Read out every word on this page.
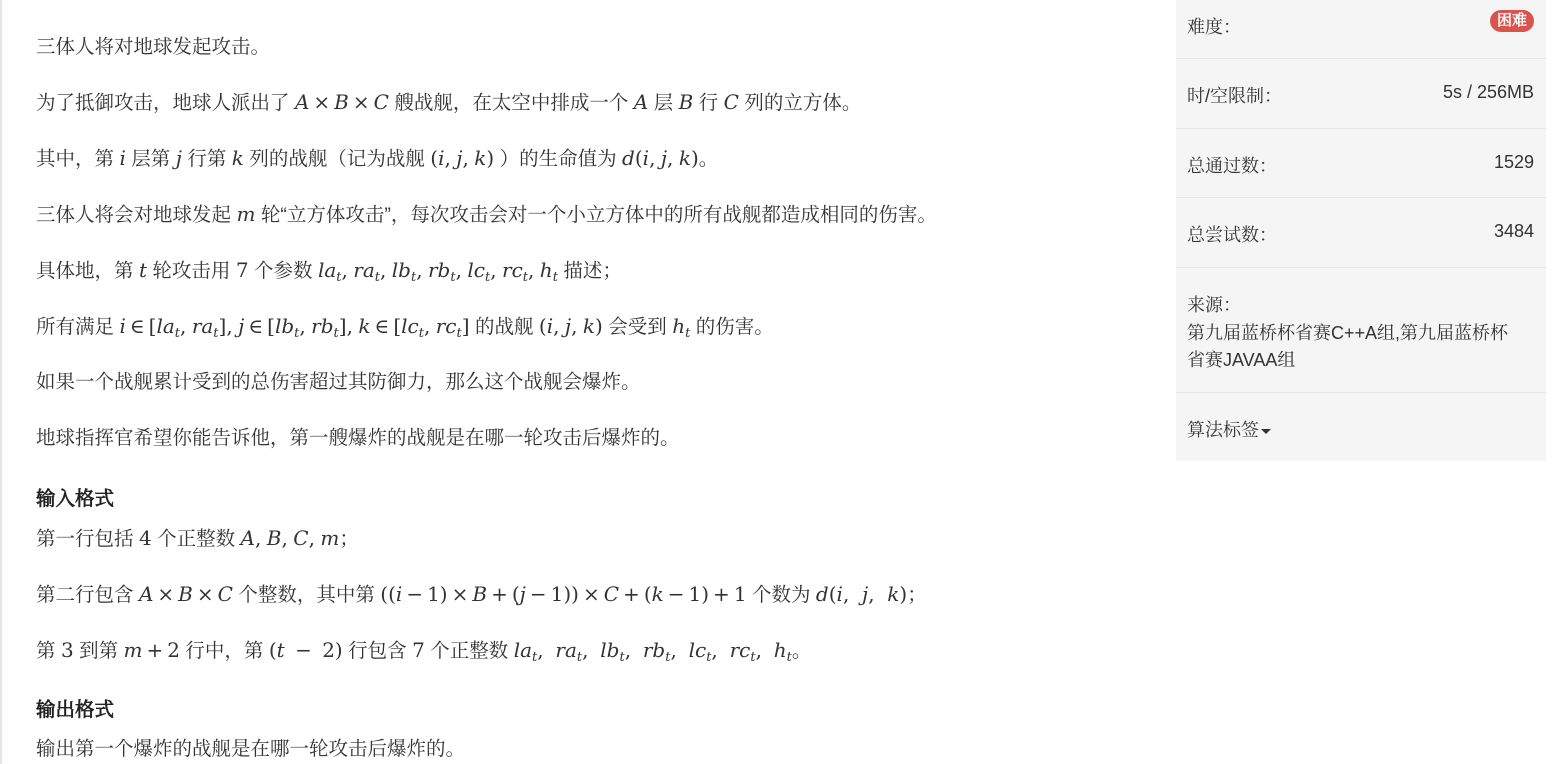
三体人将对地球发起攻击。
为了抵御攻击，地球人派出了 A × B × C 艘战舰，在太空中排成一个 A 层 B 行 C 列的立方体。
其中，第 i 层第 j 行第 k 列的战舰（记为战舰 (i, j, k) ）的生命值为 d(i, j, k)。
三体人将会对地球发起 m 轮“立方体攻击”，每次攻击会对一个小立方体中的所有战舰都造成相同的伤害。
具体地，第 t 轮攻击用 7 个参数 $la_t$, $ra_t$, $lb_t$, $rb_t$, $lc_t$, $rc_t$, $h_t$ 描述；
所有满足 i ∈ [$la_t$, $ra_t$], j ∈ [$lb_t$, $rb_t$], k ∈ [$lc_t$, $rc_t$] 的战舰 (i, j, k) 会受到 $h_t$ 的伤害。
如果一个战舰累计受到的总伤害超过其防御力，那么这个战舰会爆炸。
地球指挥官希望你能告诉他，第一艘爆炸的战舰是在哪一轮攻击后爆炸的。
输入格式
第一行包括 4 个正整数 A, B, C, m；
第二行包含 A × B × C 个整数，其中第 ((i − 1) × B + (j − 1)) × C + (k − 1) + 1 个数为 d(i,  j,  k)；
第 3 到第 m + 2 行中，第 (t − 2) 行包含 7 个正整数 $la_t$,  $ra_t$,  $lb_t$,  $rb_t$,  $lc_t$,  $rc_t$,  $h_t$。
输出格式
输出第一个爆炸的战舰是在哪一轮攻击后爆炸的。
难度：	困难
时/空限制：	5s / 256MB
总通过数：	1529
总尝试数：	3484
来源：
第九届蓝桥杯省赛C++A组,第九届蓝桥杯
省赛JAVAA组
算法标签
